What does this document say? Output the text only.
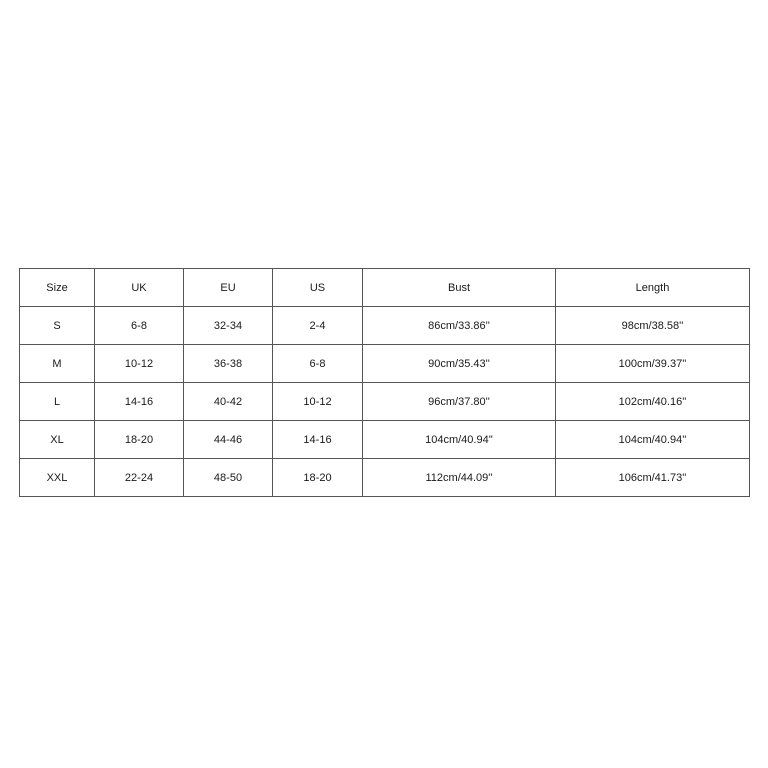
Size	UK	EU	US	Bust	Length
S	6-8	32-34	2-4	86cm/33.86''	98cm/38.58''
M	10-12	36-38	6-8	90cm/35.43''	100cm/39.37''
L	14-16	40-42	10-12	96cm/37.80''	102cm/40.16''
XL	18-20	44-46	14-16	104cm/40.94''	104cm/40.94''
XXL	22-24	48-50	18-20	112cm/44.09''	106cm/41.73''
